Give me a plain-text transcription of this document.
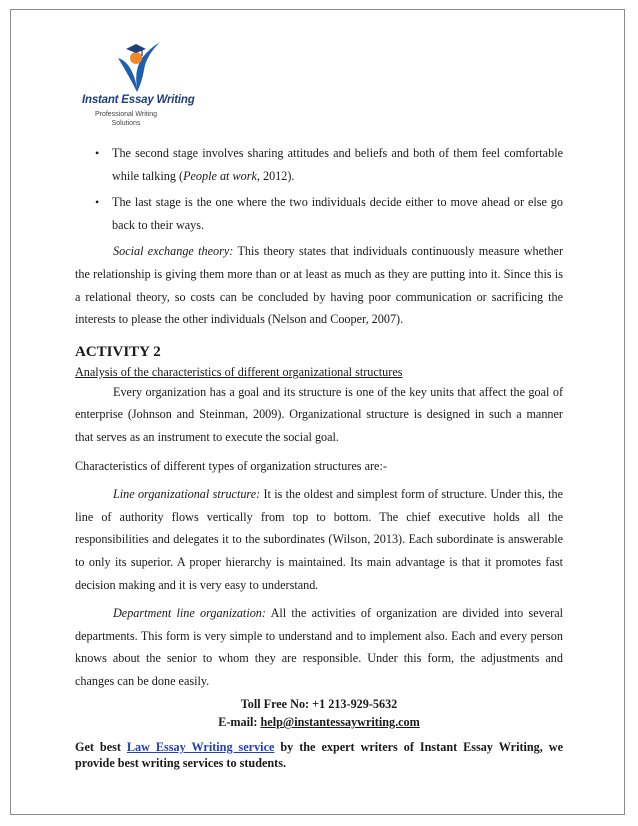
Instant Essay Writing
Professional Writing Solutions
• The second stage involves sharing attitudes and beliefs and both of them feel comfortable while talking (People at work, 2012).
• The last stage is the one where the two individuals decide either to move ahead or else go back to their ways.

Social exchange theory: This theory states that individuals continuously measure whether the relationship is giving them more than or at least as much as they are putting into it. Since this is a relational theory, so costs can be concluded by having poor communication or sacrificing the interests to please the other individuals (Nelson and Cooper, 2007).

ACTIVITY 2
Analysis of the characteristics of different organizational structures

Every organization has a goal and its structure is one of the key units that affect the goal of enterprise (Johnson and Steinman, 2009). Organizational structure is designed in such a manner that serves as an instrument to execute the social goal.

Characteristics of different types of organization structures are:-

Line organizational structure: It is the oldest and simplest form of structure. Under this, the line of authority flows vertically from top to bottom. The chief executive holds all the responsibilities and delegates it to the subordinates (Wilson, 2013). Each subordinate is answerable to only its superior. A proper hierarchy is maintained. Its main advantage is that it promotes fast decision making and it is very easy to understand.

Department line organization: All the activities of organization are divided into several departments. This form is very simple to understand and to implement also. Each and every person knows about the senior to whom they are responsible. Under this form, the adjustments and changes can be done easily.

Toll Free No: +1 213-929-5632
E-mail: help@instantessaywriting.com
Get best Law Essay Writing service by the expert writers of Instant Essay Writing, we provide best writing services to students.
